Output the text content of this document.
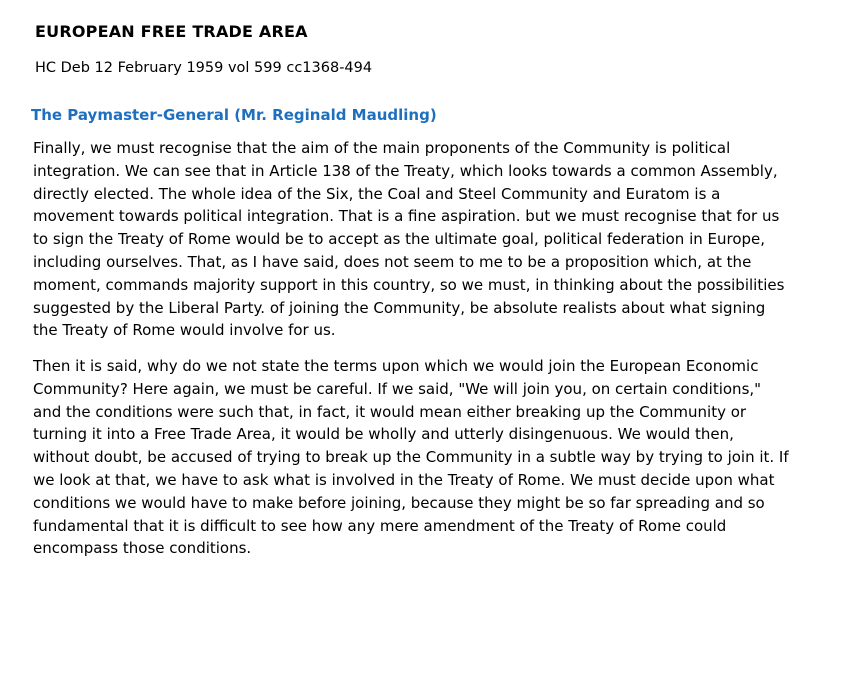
EUROPEAN FREE TRADE AREA
HC Deb 12 February 1959 vol 599 cc1368-494
The Paymaster-General (Mr. Reginald Maudling)

Finally, we must recognise that the aim of the main proponents of the Community is political integration. We can see that in Article 138 of the Treaty, which looks towards a common Assembly, directly elected. The whole idea of the Six, the Coal and Steel Community and Euratom is a movement towards political integration. That is a fine aspiration. but we must recognise that for us to sign the Treaty of Rome would be to accept as the ultimate goal, political federation in Europe, including ourselves. That, as I have said, does not seem to me to be a proposition which, at the moment, commands majority support in this country, so we must, in thinking about the possibilities suggested by the Liberal Party. of joining the Community, be absolute realists about what signing the Treaty of Rome would involve for us.

Then it is said, why do we not state the terms upon which we would join the European Economic Community? Here again, we must be careful. If we said, "We will join you, on certain conditions," and the conditions were such that, in fact, it would mean either breaking up the Community or turning it into a Free Trade Area, it would be wholly and utterly disingenuous. We would then, without doubt, be accused of trying to break up the Community in a subtle way by trying to join it. If we look at that, we have to ask what is involved in the Treaty of Rome. We must decide upon what conditions we would have to make before joining, because they might be so far spreading and so fundamental that it is difficult to see how any mere amendment of the Treaty of Rome could encompass those conditions.
